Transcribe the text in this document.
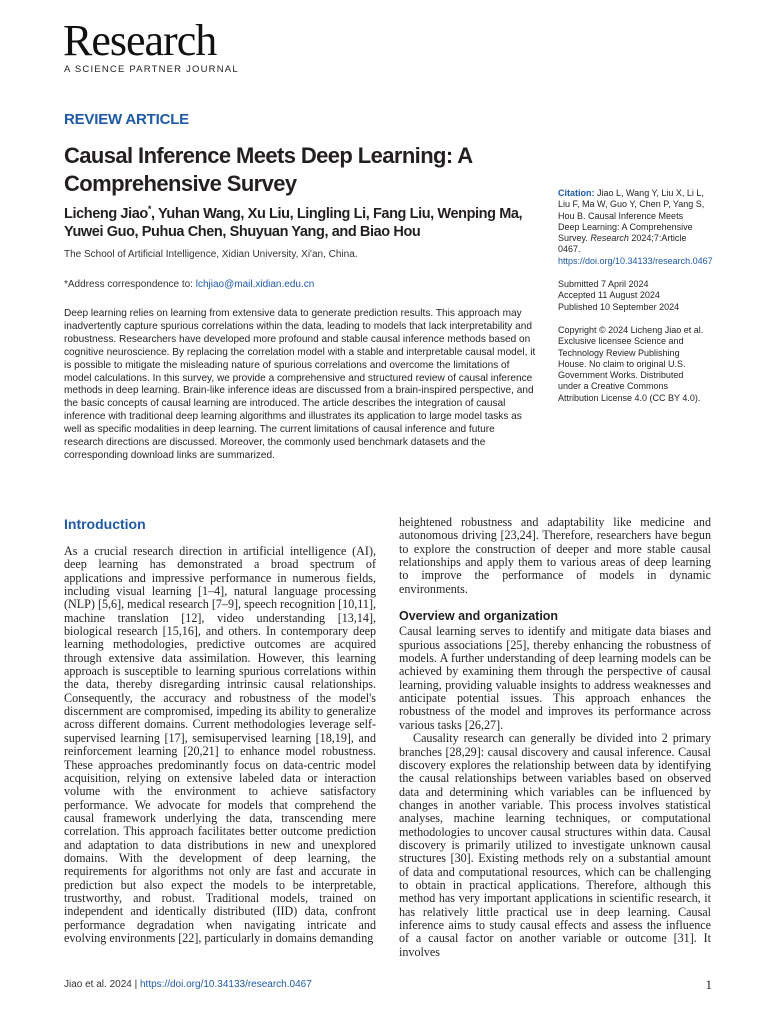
Research
A SCIENCE PARTNER JOURNAL
REVIEW ARTICLE
Causal Inference Meets Deep Learning: A Comprehensive Survey
Licheng Jiao*, Yuhan Wang, Xu Liu, Lingling Li, Fang Liu, Wenping Ma, Yuwei Guo, Puhua Chen, Shuyuan Yang, and Biao Hou
The School of Artificial Intelligence, Xidian University, Xi'an, China.
*Address correspondence to: lchjiao@mail.xidian.edu.cn

Deep learning relies on learning from extensive data to generate prediction results. This approach may inadvertently capture spurious correlations within the data, leading to models that lack interpretability and robustness. Researchers have developed more profound and stable causal inference methods based on cognitive neuroscience. By replacing the correlation model with a stable and interpretable causal model, it is possible to mitigate the misleading nature of spurious correlations and overcome the limitations of model calculations. In this survey, we provide a comprehensive and structured review of causal inference methods in deep learning. Brain-like inference ideas are discussed from a brain-inspired perspective, and the basic concepts of causal learning are introduced. The article describes the integration of causal inference with traditional deep learning algorithms and illustrates its application to large model tasks as well as specific modalities in deep learning. The current limitations of causal inference and future research directions are discussed. Moreover, the commonly used benchmark datasets and the corresponding download links are summarized.

Citation: Jiao L, Wang Y, Liu X, Li L, Liu F, Ma W, Guo Y, Chen P, Yang S, Hou B. Causal Inference Meets Deep Learning: A Comprehensive Survey. Research 2024;7:Article 0467. https://doi.org/10.34133/research.0467
Submitted 7 April 2024
Accepted 11 August 2024
Published 10 September 2024
Copyright © 2024 Licheng Jiao et al. Exclusive licensee Science and Technology Review Publishing House. No claim to original U.S. Government Works. Distributed under a Creative Commons Attribution License 4.0 (CC BY 4.0).
Introduction

As a crucial research direction in artificial intelligence (AI), deep learning has demonstrated a broad spectrum of applications and impressive performance in numerous fields, including visual learning [1–4], natural language processing (NLP) [5,6], medical research [7–9], speech recognition [10,11], machine translation [12], video understanding [13,14], biological research [15,16], and others. In contemporary deep learning methodologies, predictive outcomes are acquired through extensive data assimilation. However, this learning approach is susceptible to learning spurious correlations within the data, thereby disregarding intrinsic causal relationships. Consequently, the accuracy and robustness of the model's discernment are compromised, impeding its ability to generalize across different domains. Current methodologies leverage self-supervised learning [17], semisupervised learning [18,19], and reinforcement learning [20,21] to enhance model robustness. These approaches predominantly focus on data-centric model acquisition, relying on extensive labeled data or interaction volume with the environment to achieve satisfactory performance. We advocate for models that comprehend the causal framework underlying the data, transcending mere correlation. This approach facilitates better outcome prediction and adaptation to data distributions in new and unexplored domains. With the development of deep learning, the requirements for algorithms not only are fast and accurate in prediction but also expect the models to be interpretable, trustworthy, and robust. Traditional models, trained on independent and identically distributed (IID) data, confront performance degradation when navigating intricate and evolving environments [22], particularly in domains demanding

heightened robustness and adaptability like medicine and autonomous driving [23,24]. Therefore, researchers have begun to explore the construction of deeper and more stable causal relationships and apply them to various areas of deep learning to improve the performance of models in dynamic environments.

Overview and organization

Causal learning serves to identify and mitigate data biases and spurious associations [25], thereby enhancing the robustness of models. A further understanding of deep learning models can be achieved by examining them through the perspective of causal learning, providing valuable insights to address weaknesses and anticipate potential issues. This approach enhances the robustness of the model and improves its performance across various tasks [26,27].

Causality research can generally be divided into 2 primary branches [28,29]: causal discovery and causal inference. Causal discovery explores the relationship between data by identifying the causal relationships between variables based on observed data and determining which variables can be influenced by changes in another variable. This process involves statistical analyses, machine learning techniques, or computational methodologies to uncover causal structures within data. Causal discovery is primarily utilized to investigate unknown causal structures [30]. Existing methods rely on a substantial amount of data and computational resources, which can be challenging to obtain in practical applications. Therefore, although this method has very important applications in scientific research, it has relatively little practical use in deep learning. Causal inference aims to study causal effects and assess the influence of a causal factor on another variable or outcome [31]. It involves

Jiao et al. 2024 | https://doi.org/10.34133/research.0467	1
